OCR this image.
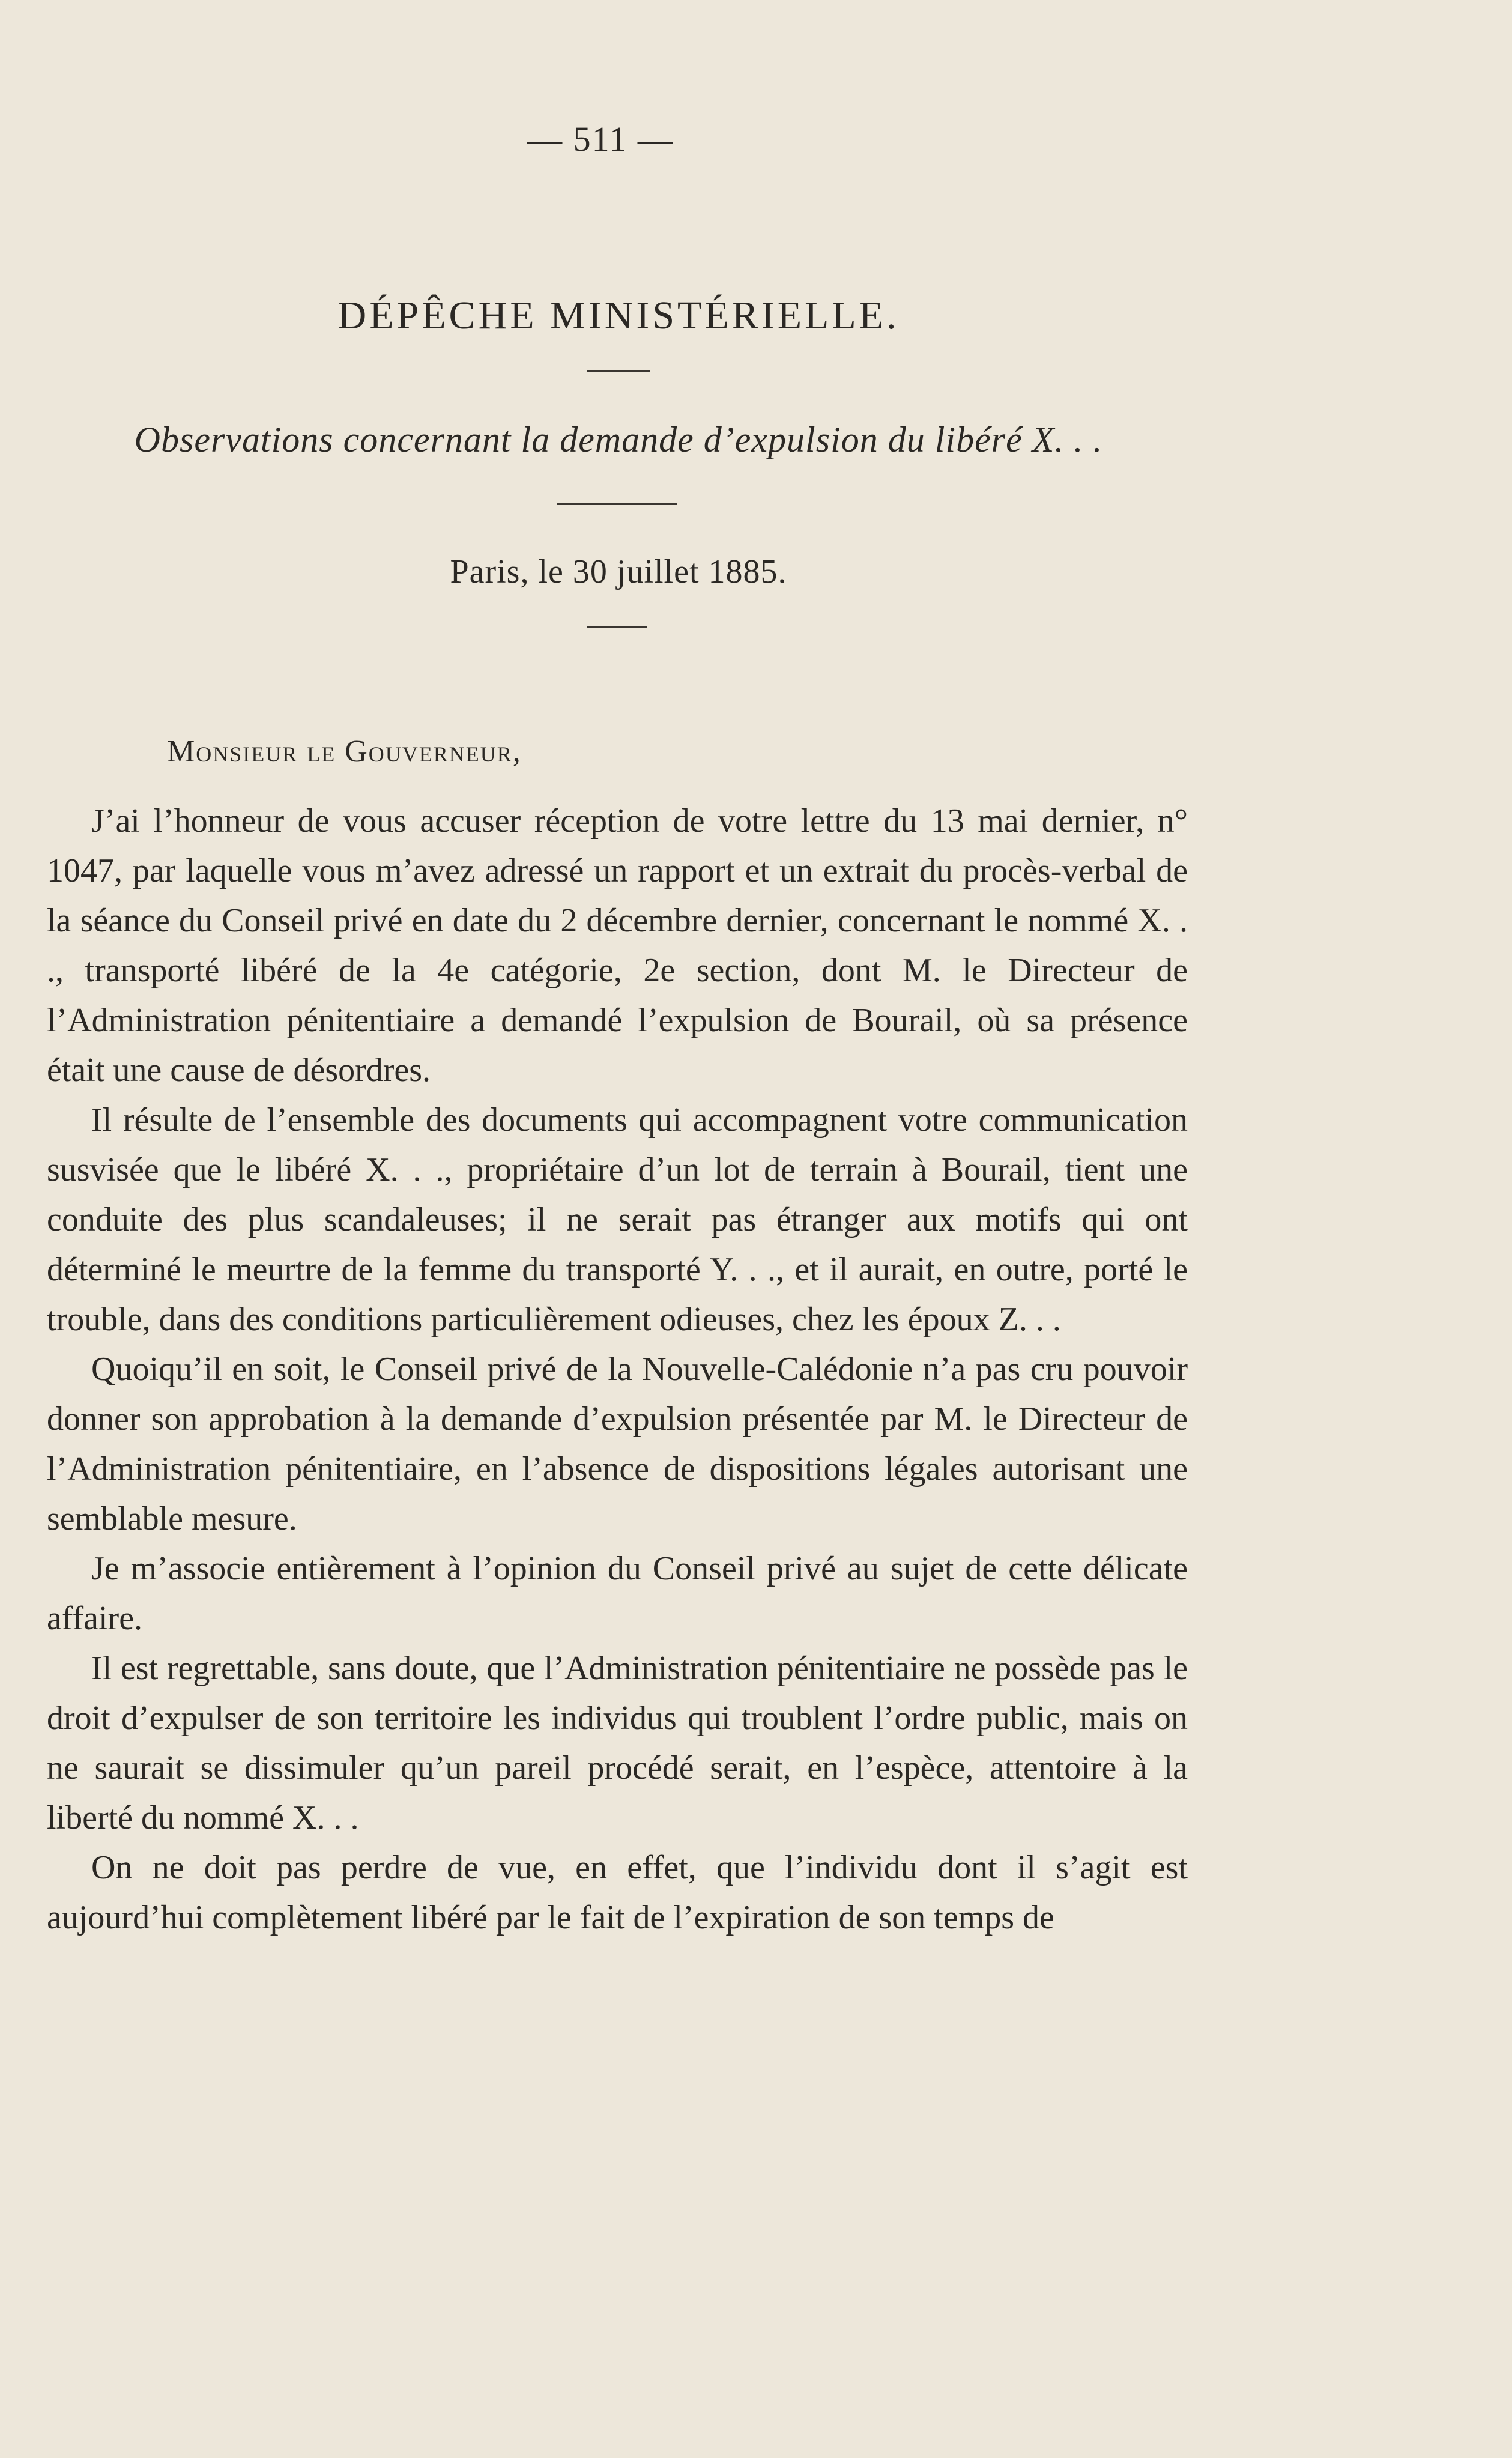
— 511 —
DÉPÊCHE MINISTÉRIELLE.
Observations concernant la demande d’expulsion du libéré X. . .
Paris, le 30 juillet 1885.
Monsieur le Gouverneur,

J’ai l’honneur de vous accuser réception de votre lettre du 13 mai dernier, n° 1047, par laquelle vous m’avez adressé un rapport et un extrait du procès-verbal de la séance du Conseil privé en date du 2 décembre dernier, concernant le nommé X. . ., transporté libéré de la 4e catégorie, 2e section, dont M. le Directeur de l’Administration pénitentiaire a demandé l’expulsion de Bourail, où sa présence était une cause de désordres.

Il résulte de l’ensemble des documents qui accompagnent votre communication susvisée que le libéré X. . ., propriétaire d’un lot de terrain à Bourail, tient une conduite des plus scandaleuses; il ne serait pas étranger aux motifs qui ont déterminé le meurtre de la femme du transporté Y. . ., et il aurait, en outre, porté le trouble, dans des conditions particulièrement odieuses, chez les époux Z. . .

Quoiqu’il en soit, le Conseil privé de la Nouvelle-Calédonie n’a pas cru pouvoir donner son approbation à la demande d’expulsion présentée par M. le Directeur de l’Administration pénitentiaire, en l’absence de dispositions légales autorisant une semblable mesure.

Je m’associe entièrement à l’opinion du Conseil privé au sujet de cette délicate affaire.

Il est regrettable, sans doute, que l’Administration pénitentiaire ne possède pas le droit d’expulser de son territoire les individus qui troublent l’ordre public, mais on ne saurait se dissimuler qu’un pareil procédé serait, en l’espèce, attentoire à la liberté du nommé X. . .

On ne doit pas perdre de vue, en effet, que l’individu dont il s’agit est aujourd’hui complètement libéré par le fait de l’expiration de son temps de
